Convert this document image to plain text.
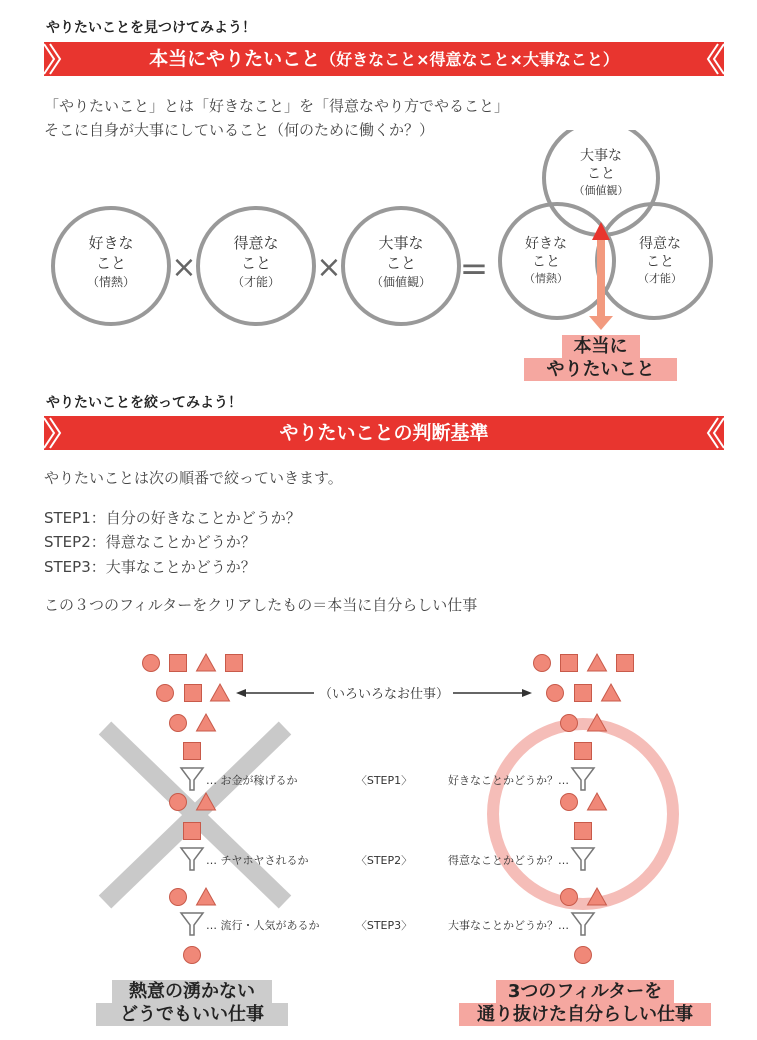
やりたいことを見つけてみよう！
本当にやりたいこと（好きなこと×得意なこと×大事なこと）
「やりたいこと」とは「好きなこと」を「得意なやり方でやること」
そこに自身が大事にしていること（何のために働くか？）
好きな
こと
（情熱）
得意な
こと
（才能）
大事な
こと
（価値観）
×	×	=
大事な
こと
（価値観）
好きな
こと
（情熱）
得意な
こと
（才能）
本当に
やりたいこと
やりたいことを絞ってみよう！
やりたいことの判断基準
やりたいことは次の順番で絞っていきます。
STEP1：自分の好きなことかどうか？
STEP2：得意なことかどうか？
STEP3：大事なことかどうか？
この３つのフィルターをクリアしたもの＝本当に自分らしい仕事
（いろいろなお仕事）
… お金が稼げるか
… チヤホヤされるか
… 流行・人気があるか
〈STEP1〉
〈STEP2〉
〈STEP3〉
好きなことかどうか？…
得意なことかどうか？…
大事なことかどうか？…
熱意の湧かない
どうでもいい仕事
3つのフィルターを
通り抜けた自分らしい仕事
